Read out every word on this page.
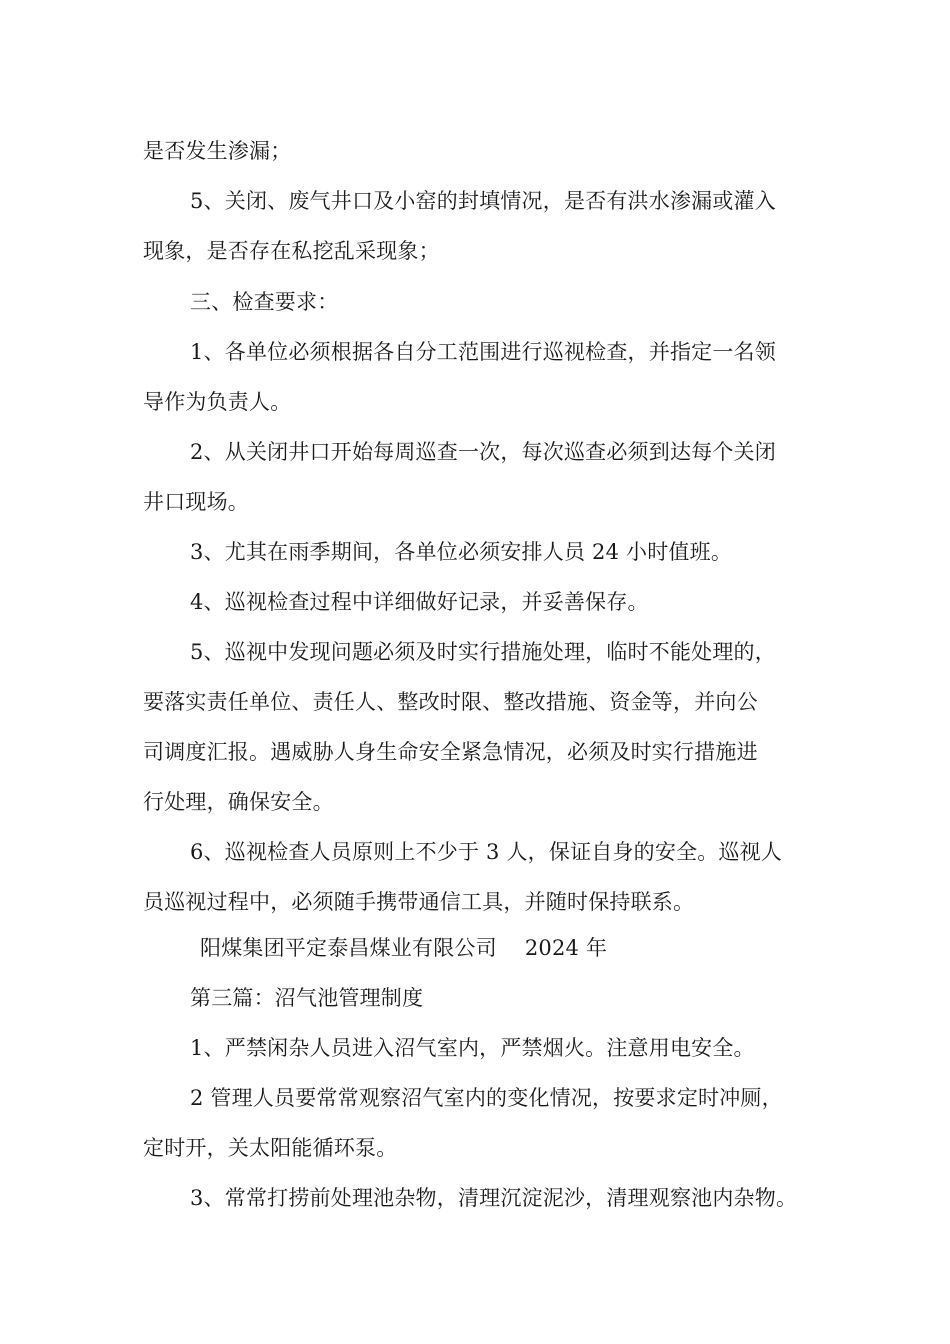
是否发生渗漏；
5、关闭、废气井口及小窑的封填情况，是否有洪水渗漏或灌入
现象，是否存在私挖乱采现象；
三、检查要求：
1、各单位必须根据各自分工范围进行巡视检查，并指定一名领
导作为负责人。
2、从关闭井口开始每周巡查一次，每次巡查必须到达每个关闭
井口现场。
3、尤其在雨季期间，各单位必须安排人员 24 小时值班。
4、巡视检查过程中详细做好记录，并妥善保存。
5、巡视中发现问题必须及时实行措施处理，临时不能处理的，
要落实责任单位、责任人、整改时限、整改措施、资金等，并向公
司调度汇报。遇威胁人身生命安全紧急情况，必须及时实行措施进
行处理，确保安全。
6、巡视检查人员原则上不少于 3 人，保证自身的安全。巡视人
员巡视过程中，必须随手携带通信工具，并随时保持联系。
阳煤集团平定泰昌煤业有限公司　 2024 年
第三篇：沼气池管理制度
1、严禁闲杂人员进入沼气室内，严禁烟火。注意用电安全。
2 管理人员要常常观察沼气室内的变化情况，按要求定时冲厕，
定时开，关太阳能循环泵。
3、常常打捞前处理池杂物，清理沉淀泥沙，清理观察池内杂物。
